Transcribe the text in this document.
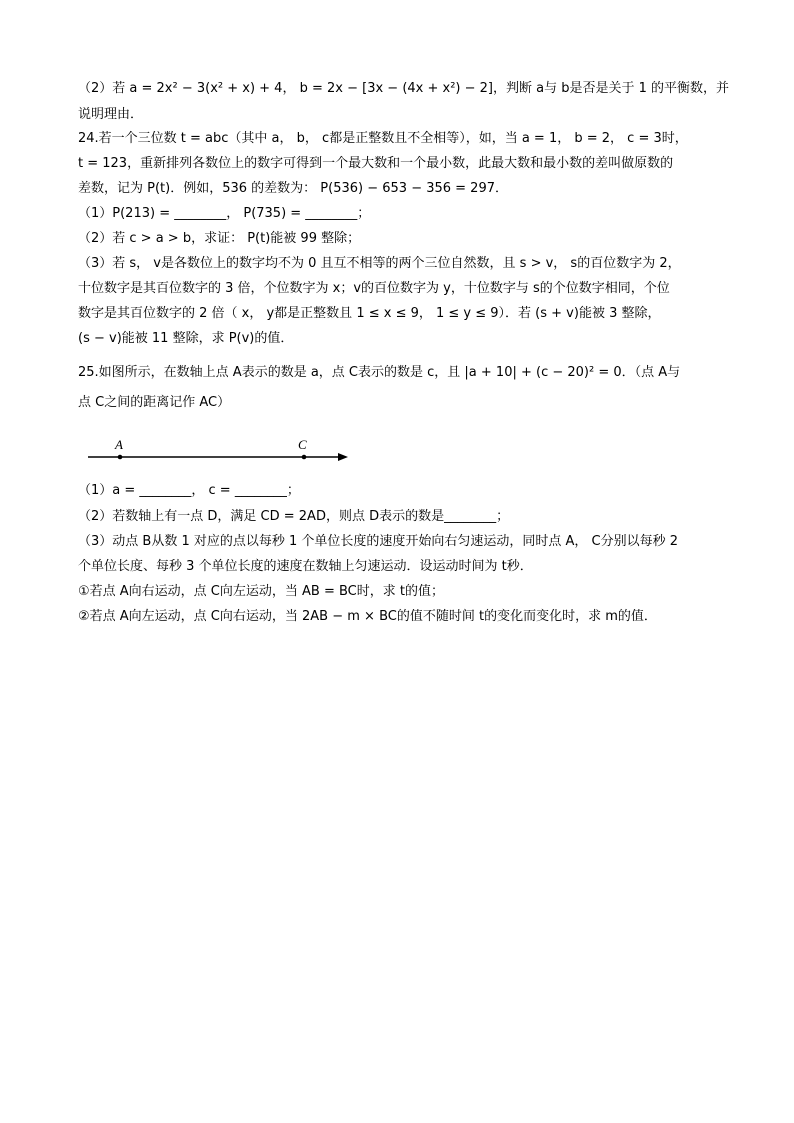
（2）若 a = 2x² − 3(x² + x) + 4， b = 2x − [3x − (4x + x²) − 2]，判断 a与 b是否是关于 1 的平衡数，并
说明理由．
24.若一个三位数 t = abc（其中 a， b， c都是正整数且不全相等），如，当 a = 1， b = 2， c = 3时，
t = 123，重新排列各数位上的数字可得到一个最大数和一个最小数，此最大数和最小数的差叫做原数的
差数，记为 P(t)．例如，536 的差数为： P(536) − 653 − 356 = 297．
（1）P(213) = ________， P(735) = ________；
（2）若 c > a > b，求证： P(t)能被 99 整除；
（3）若 s， v是各数位上的数字均不为 0 且互不相等的两个三位自然数，且 s > v， s的百位数字为 2，
十位数字是其百位数字的 3 倍，个位数字为 x；v的百位数字为 y，十位数字与 s的个位数字相同，个位
数字是其百位数字的 2 倍（ x， y都是正整数且 1 ≤ x ≤ 9， 1 ≤ y ≤ 9）．若 (s + v)能被 3 整除，
(s − v)能被 11 整除，求 P(v)的值．
25.如图所示，在数轴上点 A表示的数是 a，点 C表示的数是 c，且 |a + 10| + (c − 20)² = 0．（点 A与
点 C之间的距离记作 AC）
A	C
（1）a = ________， c = ________；
（2）若数轴上有一点 D，满足 CD = 2AD，则点 D表示的数是________；
（3）动点 B从数 1 对应的点以每秒 1 个单位长度的速度开始向右匀速运动，同时点 A， C分别以每秒 2
个单位长度、每秒 3 个单位长度的速度在数轴上匀速运动．设运动时间为 t秒．
①若点 A向右运动，点 C向左运动，当 AB = BC时，求 t的值；
②若点 A向左运动，点 C向右运动，当 2AB − m × BC的值不随时间 t的变化而变化时，求 m的值．
